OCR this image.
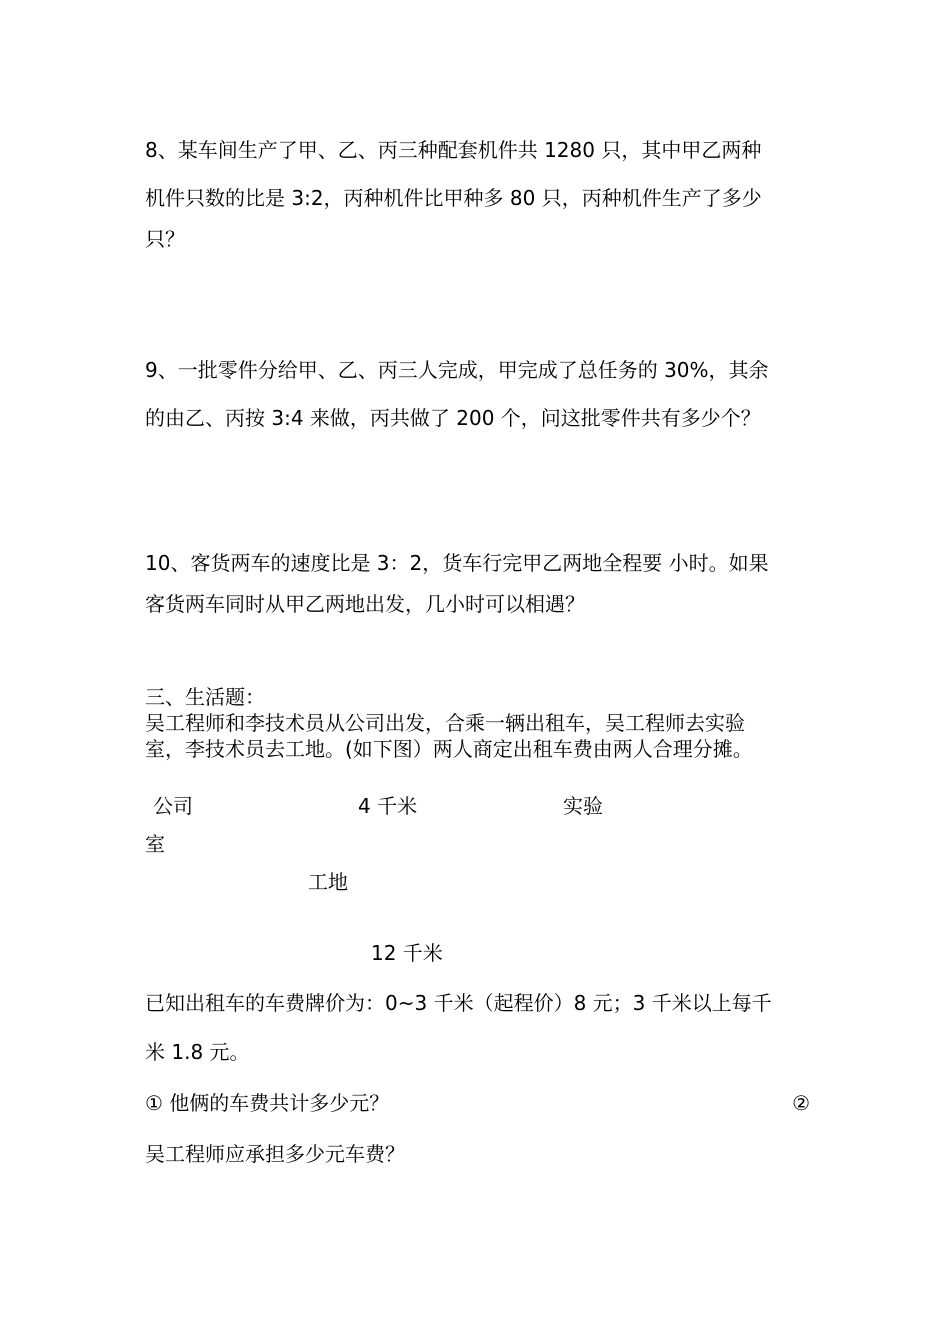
8、某车间生产了甲、乙、丙三种配套机件共 1280 只，其中甲乙两种
机件只数的比是 3:2，丙种机件比甲种多 80 只，丙种机件生产了多少
只？
9、一批零件分给甲、乙、丙三人完成，甲完成了总任务的 30%，其余
的由乙、丙按 3:4 来做，丙共做了 200 个，问这批零件共有多少个？
10、客货两车的速度比是 3：2，货车行完甲乙两地全程要 小时。如果
客货两车同时从甲乙两地出发，几小时可以相遇？
三、生活题：
吴工程师和李技术员从公司出发，合乘一辆出租车，吴工程师去实验
室，李技术员去工地。(如下图）两人商定出租车费由两人合理分摊。
公司	4 千米	实验
室
工地
12 千米
已知出租车的车费牌价为：0~3 千米（起程价）8 元；3 千米以上每千
米 1.8 元。
① 他俩的车费共计多少元？	②
吴工程师应承担多少元车费？
